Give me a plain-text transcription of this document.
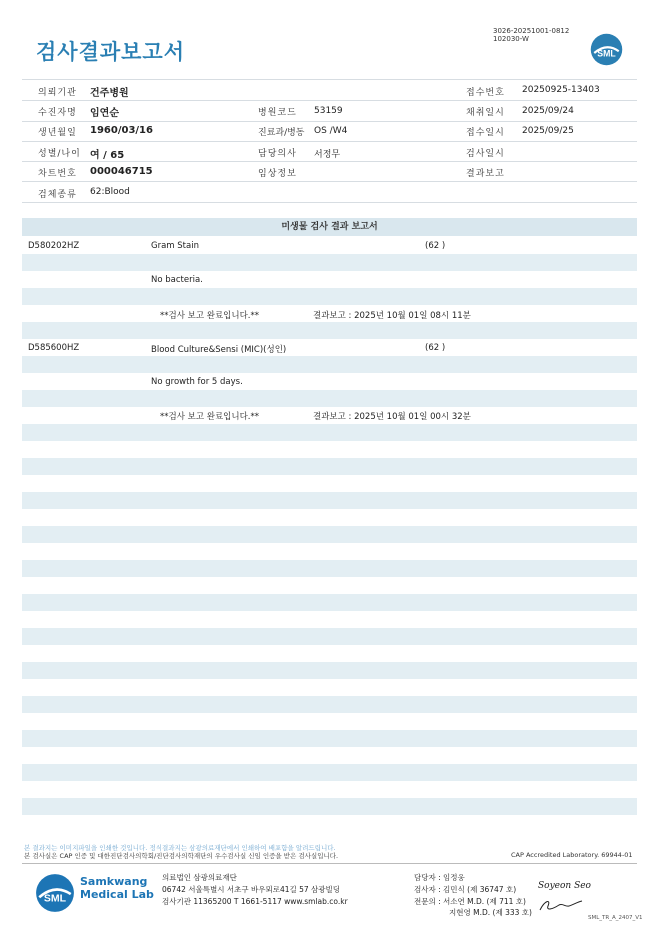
검사결과보고서
3026-20251001-0812
102030-W
SML
의뢰기관 건주병원	접수번호 20250925-13403
수진자명 임연순	병원코드 53159	채취일시 2025/09/24
생년월일 1960/03/16	진료과/병동 OS /W4	접수일시 2025/09/25
성별/나이 여 / 65	담당의사 서정무	검사일시
차트번호 000046715	임상정보	결과보고
검체종류 62:Blood
미생물 검사 결과 보고서
D580202HZ	Gram Stain	(62 )
No bacteria.
**검사 보고 완료입니다.**	결과보고 : 2025년 10월 01일 08시 11분
D585600HZ	Blood Culture&Sensi (MIC)(성인)	(62 )
No growth for 5 days.
**검사 보고 완료입니다.**	결과보고 : 2025년 10월 01일 00시 32분
본 결과지는 이미지파일을 인쇄한 것입니다. 정식결과지는 삼광의료재단에서 인쇄하여 배포함을 알려드립니다.
본 검사실은 CAP 인증 및 대한진단검사의학회/진단검사의학재단의 우수검사실 신임 인증을 받은 검사실입니다.	CAP Accredited Laboratory. 69944-01
SML
Samkwang
Medical Lab
의료법인 삼광의료재단
06742 서울특별시 서초구 바우뫼로41길 57 삼광빌딩
검사기관 11365200 T 1661-5117 www.smlab.co.kr
담당자 : 임정웅
검사자 : 김민식 (제 36747 호)
전문의 : 서소연 M.D. (제 711 호)
지현영 M.D. (제 333 호)
Soyeon Seo
SML_TR_A_2407_V1
